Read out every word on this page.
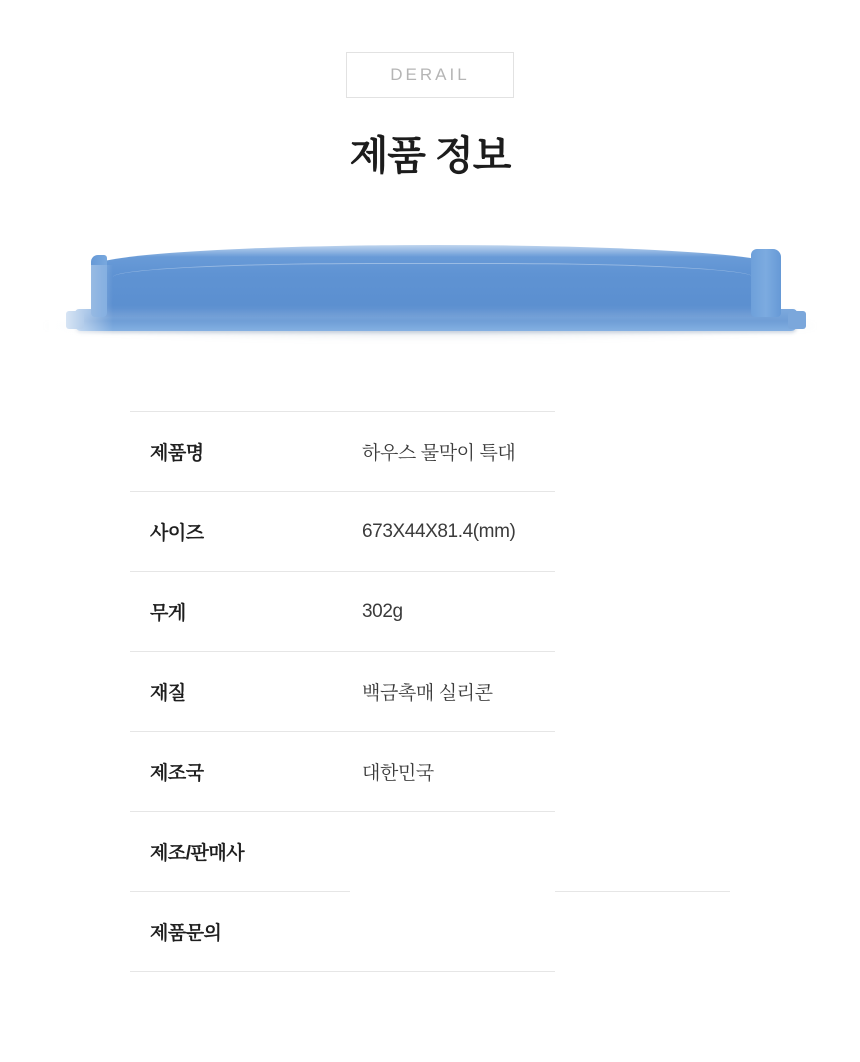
DERAIL
제품 정보
제품명	하우스 물막이 특대	
사이즈	673X44X81.4(mm)	
무게	302g	
재질	백금촉매 실리콘	
제조국	대한민국	
제조/판매사		
제품문의		
